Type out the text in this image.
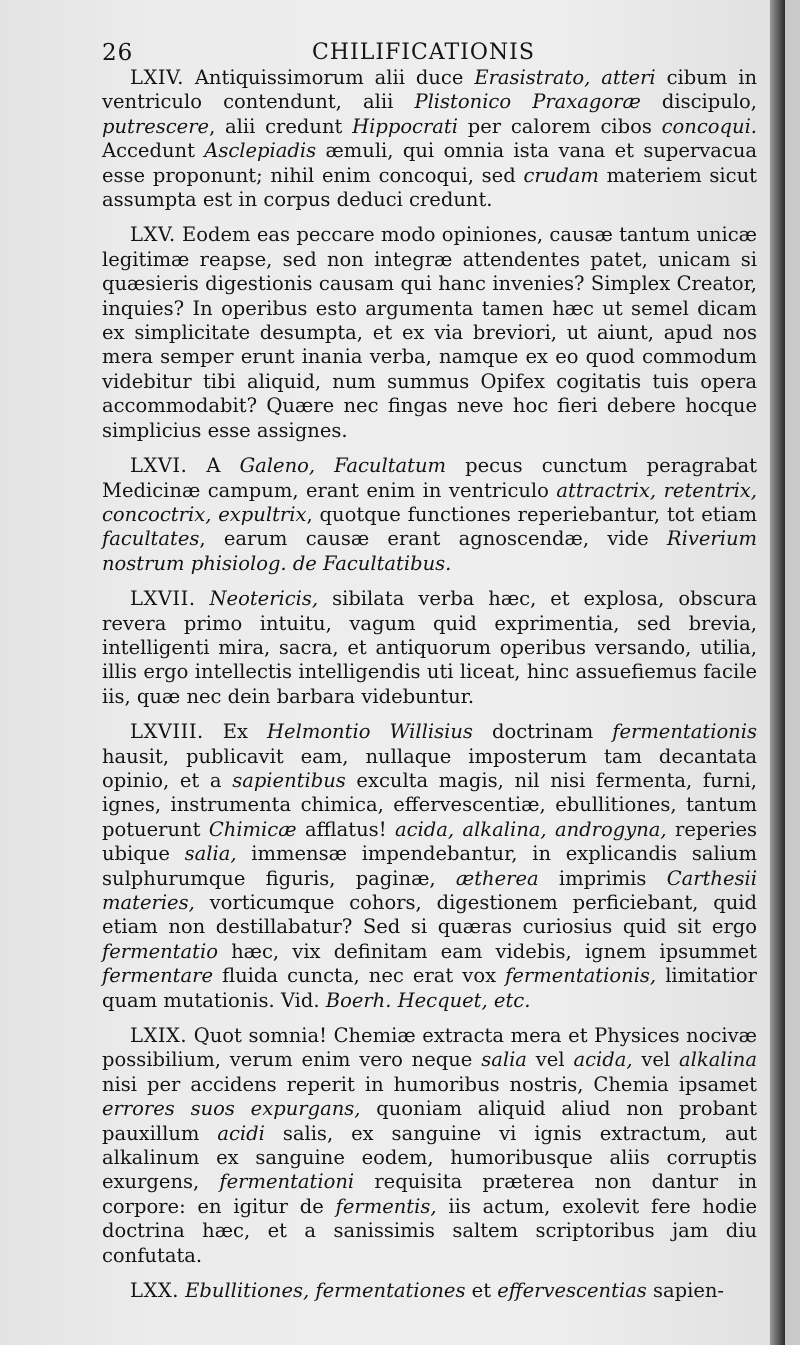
26	CHILIFICATIONIS

LXIV. Antiquissimorum alii duce Erasistrato, atteri cibum in ventriculo contendunt, alii Plistonico Praxagoræ discipulo, putrescere, alii credunt Hippocrati per calorem cibos concoqui. Accedunt Asclepiadis æmuli, qui omnia ista vana et supervacua esse proponunt; nihil enim concoqui, sed crudam materiem sicut assumpta est in corpus deduci credunt.

LXV. Eodem eas peccare modo opiniones, causæ tantum unicæ legitimæ reapse, sed non integræ attendentes patet, unicam si quæsieris digestionis causam qui hanc invenies? Simplex Creator, inquies? In operibus esto argumenta tamen hæc ut semel dicam ex simplicitate desumpta, et ex via breviori, ut aiunt, apud nos mera semper erunt inania verba, namque ex eo quod commodum videbitur tibi aliquid, num summus Opifex cogitatis tuis opera accommodabit? Quære nec fingas neve hoc fieri debere hocque simplicius esse assignes.

LXVI. A Galeno, Facultatum pecus cunctum peragrabat Medicinæ campum, erant enim in ventriculo attractrix, retentrix, concoctrix, expultrix, quotque functiones reperiebantur, tot etiam facultates, earum causæ erant agnoscendæ, vide Riverium nostrum phisiolog. de Facultatibus.

LXVII. Neotericis, sibilata verba hæc, et explosa, obscura revera primo intuitu, vagum quid exprimentia, sed brevia, intelligenti mira, sacra, et antiquorum operibus versando, utilia, illis ergo intellectis intelligendis uti liceat, hinc assuefiemus facile iis, quæ nec dein barbara videbuntur.

LXVIII. Ex Helmontio Willisius doctrinam fermentationis hausit, publicavit eam, nullaque imposterum tam decantata opinio, et a sapientibus exculta magis, nil nisi fermenta, furni, ignes, instrumenta chimica, effervescentiæ, ebullitiones, tantum potuerunt Chimicæ afflatus! acida, alkalina, androgyna, reperies ubique salia, immensæ impendebantur, in explicandis salium sulphurumque figuris, paginæ, ætherea imprimis Carthesii materies, vorticumque cohors, digestionem perficiebant, quid etiam non destillabatur? Sed si quæras curiosius quid sit ergo fermentatio hæc, vix definitam eam videbis, ignem ipsummet fermentare fluida cuncta, nec erat vox fermentationis, limitatior quam mutationis. Vid. Boerh. Hecquet, etc.

LXIX. Quot somnia! Chemiæ extracta mera et Physices nocivæ possibilium, verum enim vero neque salia vel acida, vel alkalina nisi per accidens reperit in humoribus nostris, Chemia ipsamet errores suos expurgans, quoniam aliquid aliud non probant pauxillum acidi salis, ex sanguine vi ignis extractum, aut alkalinum ex sanguine eodem, humoribusque aliis corruptis exurgens, fermentationi requisita præterea non dantur in corpore: en igitur de fermentis, iis actum, exolevit fere hodie doctrina hæc, et a sanissimis saltem scriptoribus jam diu confutata.

LXX. Ebullitiones, fermentationes et effervescentias sapien-
